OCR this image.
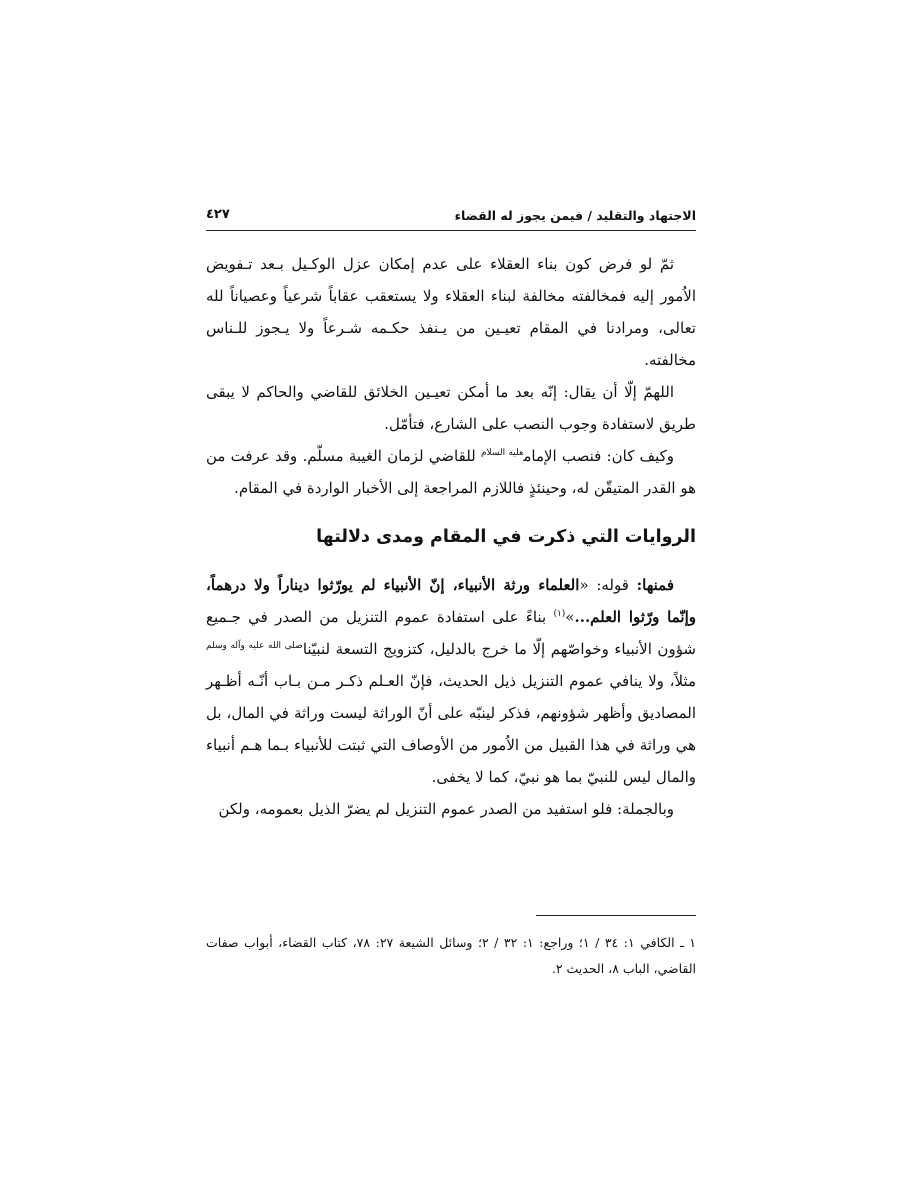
الاجتهاد والتقليد / فيمن يجوز له القضاء
٤٢٧

ثمّ لو فرض كون بناء العقلاء على عدم إمكان عزل الوكـيل بـعد تـفويض الاُمور إليه فمخالفته مخالفة لبناء العقلاء ولا يستعقب عقاباً شرعياً وعصياناً لله تعالى، ومرادنا في المقام تعيـين من يـنفذ حكـمه شـرعاً ولا يـجوز للـناس مخالفته.

اللهمّ إلّا أن يقال: إنّه بعد ما أمكن تعيـين الخلائق للقاضي والحاكم لا يبقى طريق لاستفادة وجوب النصب على الشارع، فتأمّل.

وكيف كان: فنصب الإمام$^{عليه السلام}$ للقاضي لزمان الغيبة مسلّم. وقد عرفت من هو القدر المتيقّن له، وحينئذٍ فاللازم المراجعة إلى الأخبار الواردة في المقام.

الروايات التي ذكرت في المقام ومدى دلالتها

فمنها: قوله: «العلماء ورثة الأنبياء، إنّ الأنبياء لم يورّثوا ديناراً ولا درهماً، وإنّما ورّثوا العلم...»$^{(١)}$ بناءً على استفادة عموم التنزيل من الصدر في جـميع شؤون الأنبياء وخواصّهم إلّا ما خرج بالدليل، كتزويج التسعة لنبيّنا$^{صلى الله عليه وآله وسلم}$ مثلاً، ولا ينافي عموم التنزيل ذيل الحديث، فإنّ العـلم ذكـر مـن بـاب أنّـه أظـهر المصاديق وأظهر شؤونهم، فذكر لينبّه على أنّ الوراثة ليست وراثة في المال، بل هي وراثة في هذا القبيل من الاُمور من الأوصاف التي ثبتت للأنبياء بـما هـم أنبياء والمال ليس للنبيّ بما هو نبيّ، كما لا يخفى.

وبالجملة: فلو استفيد من الصدر عموم التنزيل لم يضرّ الذيل بعمومه، ولكن

١ ـ الكافي ١: ٣٤ / ١؛ وراجع: ١: ٣٢ / ٢؛ وسائل الشيعة ٢٧: ٧٨، كتاب القضاء، أبواب صفات القاضي، الباب ٨، الحديث ٢.
